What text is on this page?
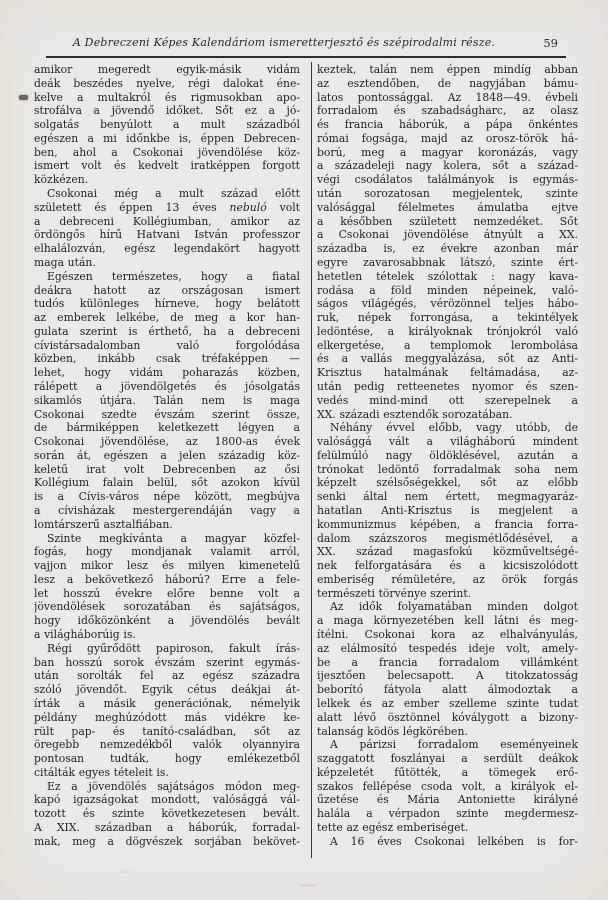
A Debreczeni Képes Kalendáriom ismeretterjesztő és szépirodalmi része.	59
amikor megeredt egyik-másik vidám
deák beszédes nyelve, régi dalokat éne-
kelve a multakról és rigmusokban apo-
strofálva a jövendő időket. Sőt ez a jó-
solgatás benyúlott a mult századból
egészen a mi időnkbe is, éppen Debrecen-
ben, ahol a Csokonai jövendölése köz-
ismert volt és kedvelt iratképpen forgott
közkézen.
Csokonai még a mult század előtt
született és éppen 13 éves nebuló volt
a debreceni Kollégiumban, amikor az
ördöngős hírű Hatvani István professzor
elhalálozván, egész legendakört hagyott
maga után.
Egészen természetes, hogy a fiatal
deákra hatott az országosan ismert
tudós különleges hírneve, hogy belátott
az emberek lelkébe, de meg a kor han-
gulata szerint is érthető, ha a debreceni
cívistársadalomban való forgolódása
közben, inkább csak tréfaképpen —
lehet, hogy vidám poharazás közben,
rálépett a jövendölgetés és jósolgatás
sikamlós útjára. Talán nem is maga
Csokonai szedte évszám szerint össze,
de bármiképpen keletkezett légyen a
Csokonai jövendölése, az 1800-as évek
során át, egészen a jelen századig köz-
keletű irat volt Debrecenben az ősi
Kollégium falain belül, sőt azokon kívül
is a Cívis-város népe között, megbújva
a cívisházak mestergerendáján vagy a
lomtárszerű asztalfiában.
Szinte megkívánta a magyar közfel-
fogás, hogy mondjanak valamit arról,
vajjon mikor lesz és milyen kimenetelű
lesz a bekövetkező háború? Erre a fele-
let hosszú évekre előre benne volt a
jövendölések sorozatában és sajátságos,
hogy időközönként a jövendölés bevált
a világháborúig is.
Régi gyűrődött papiroson, fakult írás-
ban hosszú sorok évszám szerint egymás-
után sorolták fel az egész századra
szóló jövendőt. Egyik cétus deákjai át-
írták a másik generációnak, némelyik
példány meghúzódott más vidékre ke-
rült pap- és tanító-családban, sőt az
öregebb nemzedékből valók olyannyira
pontosan tudták, hogy emlékezetből
citálták egyes tételeit is.
Ez a jövendölés sajátságos módon meg-
kapó igazságokat mondott, valósággá vál-
tozott és szinte következetesen bevált.
A XIX. században a háborúk, forradal-
mak, meg a dögvészek sorjában bekövet-
keztek, talán nem éppen mindíg abban
az esztendőben, de nagyjában bámu-
latos pontossággal. Az 1848—49. évbeli
forradalom és szabadságharc, az olasz
és francia háborúk, a pápa önkéntes
római fogsága, majd az orosz-török há-
ború, meg a magyar koronázás, vagy
a századeleji nagy kolera, sőt a század-
végi csodálatos találmányok is egymás-
után sorozatosan megjelentek, szinte
valósággal félelmetes ámulatba ejtve
a későbben született nemzedéket. Sőt
a Csokonai jövendölése átnyúlt a XX.
századba is, ez évekre azonban már
egyre zavarosabbnak látszó, szinte ért-
hetetlen tételek szólottak : nagy kava-
rodása a föld minden népeinek, való-
ságos világégés, vérözönnel teljes hábo-
ruk, népek forrongása, a tekintélyek
ledöntése, a királyoknak trónjokról való
elkergetése, a templomok lerombolása
és a vallás meggyalázása, sőt az Anti-
Krisztus hatalmának feltámadása, az-
után pedig retteenetes nyomor és szen-
vedés mind-mind ott szerepelnek a
XX. századi esztendők sorozatában.
Néhány évvel előbb, vagy utóbb, de
valósággá vált a világháború mindent
felülmúló nagy öldöklésével, azután a
trónokat ledöntő forradalmak soha nem
képzelt szélsőségekkel, sőt az előbb
senki által nem értett, megmagyaráz-
hatatlan Anti-Krisztus is megjelent a
kommunizmus képében, a francia forra-
dalom százszoros megismétlődésével, a
XX. század magasfokú közműveltségé-
nek felforgatására és a kicsiszolódott
emberiség rémületére, az örök forgás
természeti törvénye szerint.
Az idők folyamatában minden dolgot
a maga környezetében kell látni és meg-
ítélni. Csokonai kora az elhalványulás,
az elálmosító tespedés ideje volt, amely-
be a francia forradalom villámként
ijesztően belecsapott. A titokzatosság
beborító fátyola alatt álmodoztak a
lelkek és az ember szelleme szinte tudat
alatt lévő ösztönnel kóválygott a bizony-
talanság ködös légkörében.
A párizsi forradalom eseményeinek
szaggatott foszlányai a serdült deákok
képzeletét fűtötték, a tömegek erő-
szakos fellépése csoda volt, a királyok el-
űzetése és Mária Antoniette királyné
halála a vérpadon szinte megdermesz-
tette az egész emberiséget.
A 16 éves Csokonai lelkében is for-
